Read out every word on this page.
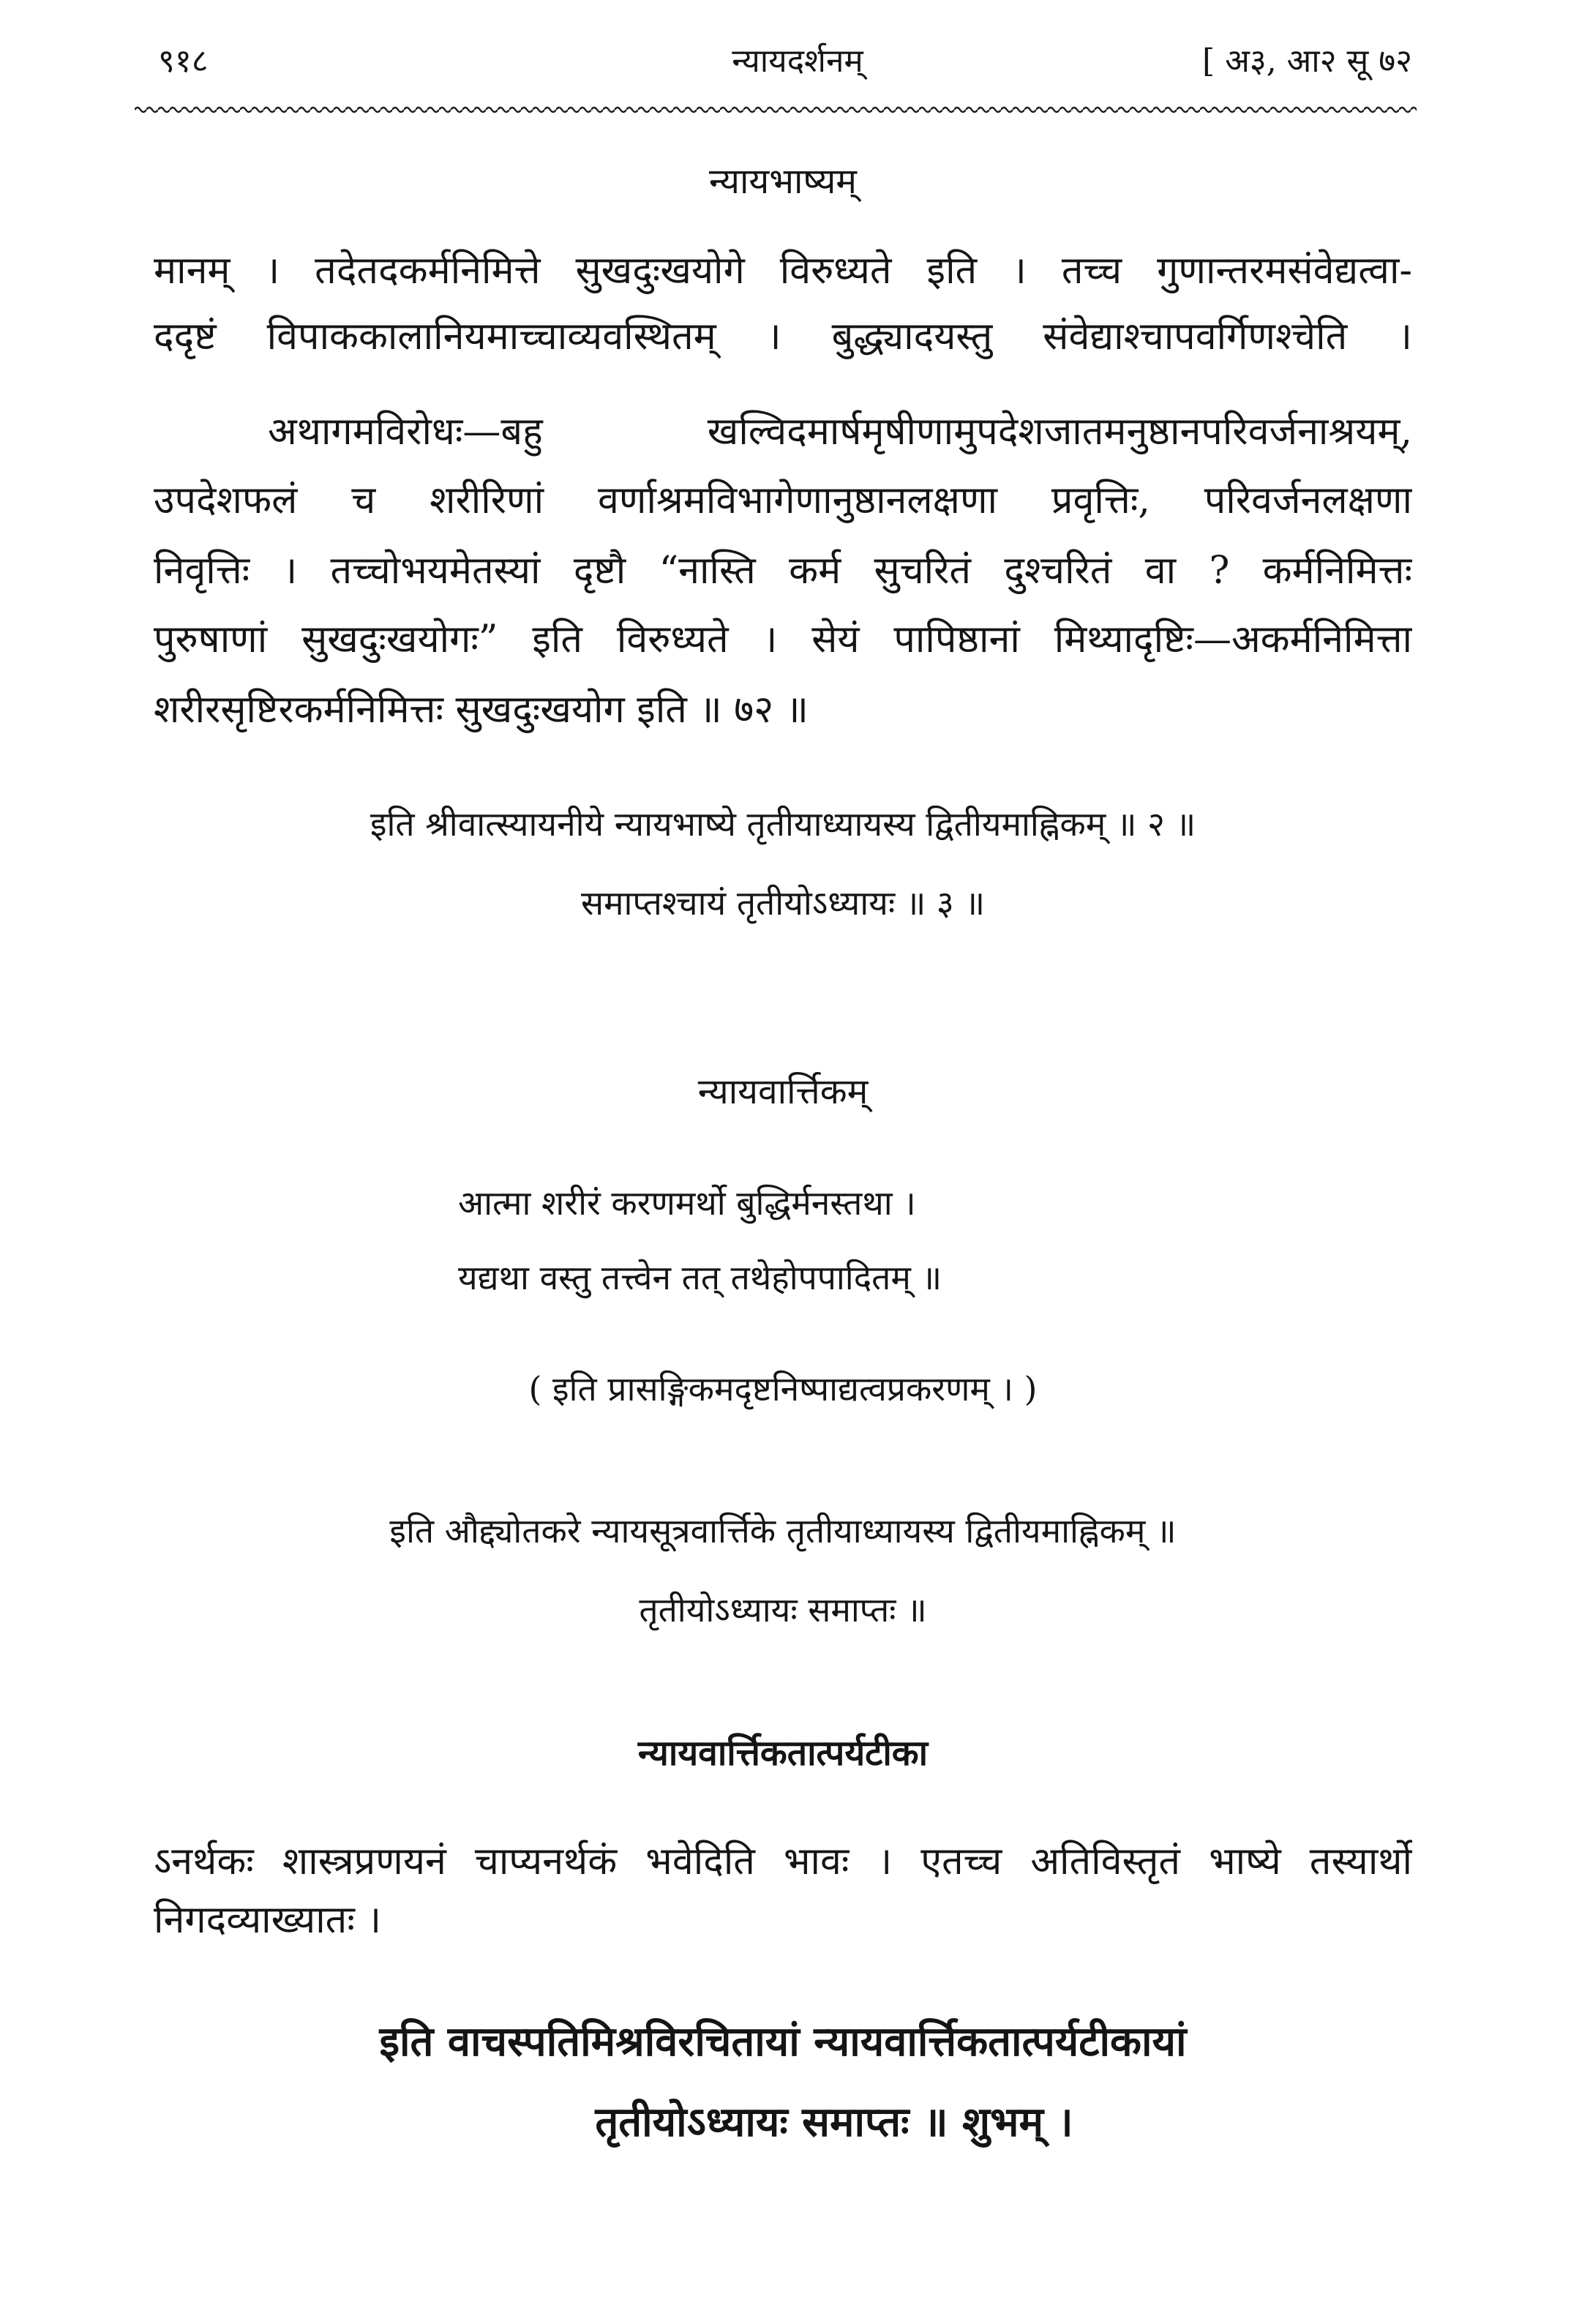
९१८	न्यायदर्शनम्	[ अ३, आ२ सू ७२
न्यायभाष्यम्
मानम् । तदेतदकर्मनिमित्ते सुखदुःखयोगे विरुध्यते इति । तच्च गुणान्तरमसंवेद्यत्वा-
ददृष्टं विपाककालानियमाच्चाव्यवस्थितम् । बुद्ध्यादयस्तु संवेद्याश्चापवर्गिणश्चेति ।
अथागमविरोधः—बहु खल्विदमार्षमृषीणामुपदेशजातमनुष्ठानपरिवर्जनाश्रयम्,
उपदेशफलं च शरीरिणां वर्णाश्रमविभागेणानुष्ठानलक्षणा प्रवृत्तिः, परिवर्जनलक्षणा
निवृत्तिः । तच्चोभयमेतस्यां दृष्टौ “नास्ति कर्म सुचरितं दुश्चरितं वा ? कर्मनिमित्तः
पुरुषाणां सुखदुःखयोगः” इति विरुध्यते । सेयं पापिष्ठानां मिथ्यादृष्टिः—अकर्मनिमित्ता
शरीरसृष्टिरकर्मनिमित्तः सुखदुःखयोग इति ॥ ७२ ॥
इति श्रीवात्स्यायनीये न्यायभाष्ये तृतीयाध्यायस्य द्वितीयमाह्निकम् ॥ २ ॥
समाप्तश्चायं तृतीयोऽध्यायः ॥ ३ ॥
न्यायवार्त्तिकम्
आत्मा शरीरं करणमर्थो बुद्धिर्मनस्तथा ।
यद्यथा वस्तु तत्त्वेन तत् तथेहोपपादितम् ॥
( इति प्रासङ्गिकमदृष्टनिष्पाद्यत्वप्रकरणम् । )
इति औद्द्योतकरे न्यायसूत्रवार्त्तिके तृतीयाध्यायस्य द्वितीयमाह्निकम् ॥
तृतीयोऽध्यायः समाप्तः ॥
न्यायवार्त्तिकतात्पर्यटीका
ऽनर्थकः शास्त्रप्रणयनं चाप्यनर्थकं भवेदिति भावः । एतच्च अतिविस्तृतं भाष्ये तस्यार्थो
निगदव्याख्यातः ।
इति वाचस्पतिमिश्रविरचितायां न्यायवार्त्तिकतात्पर्यटीकायां
तृतीयोऽध्यायः समाप्तः ॥ शुभम् ।
